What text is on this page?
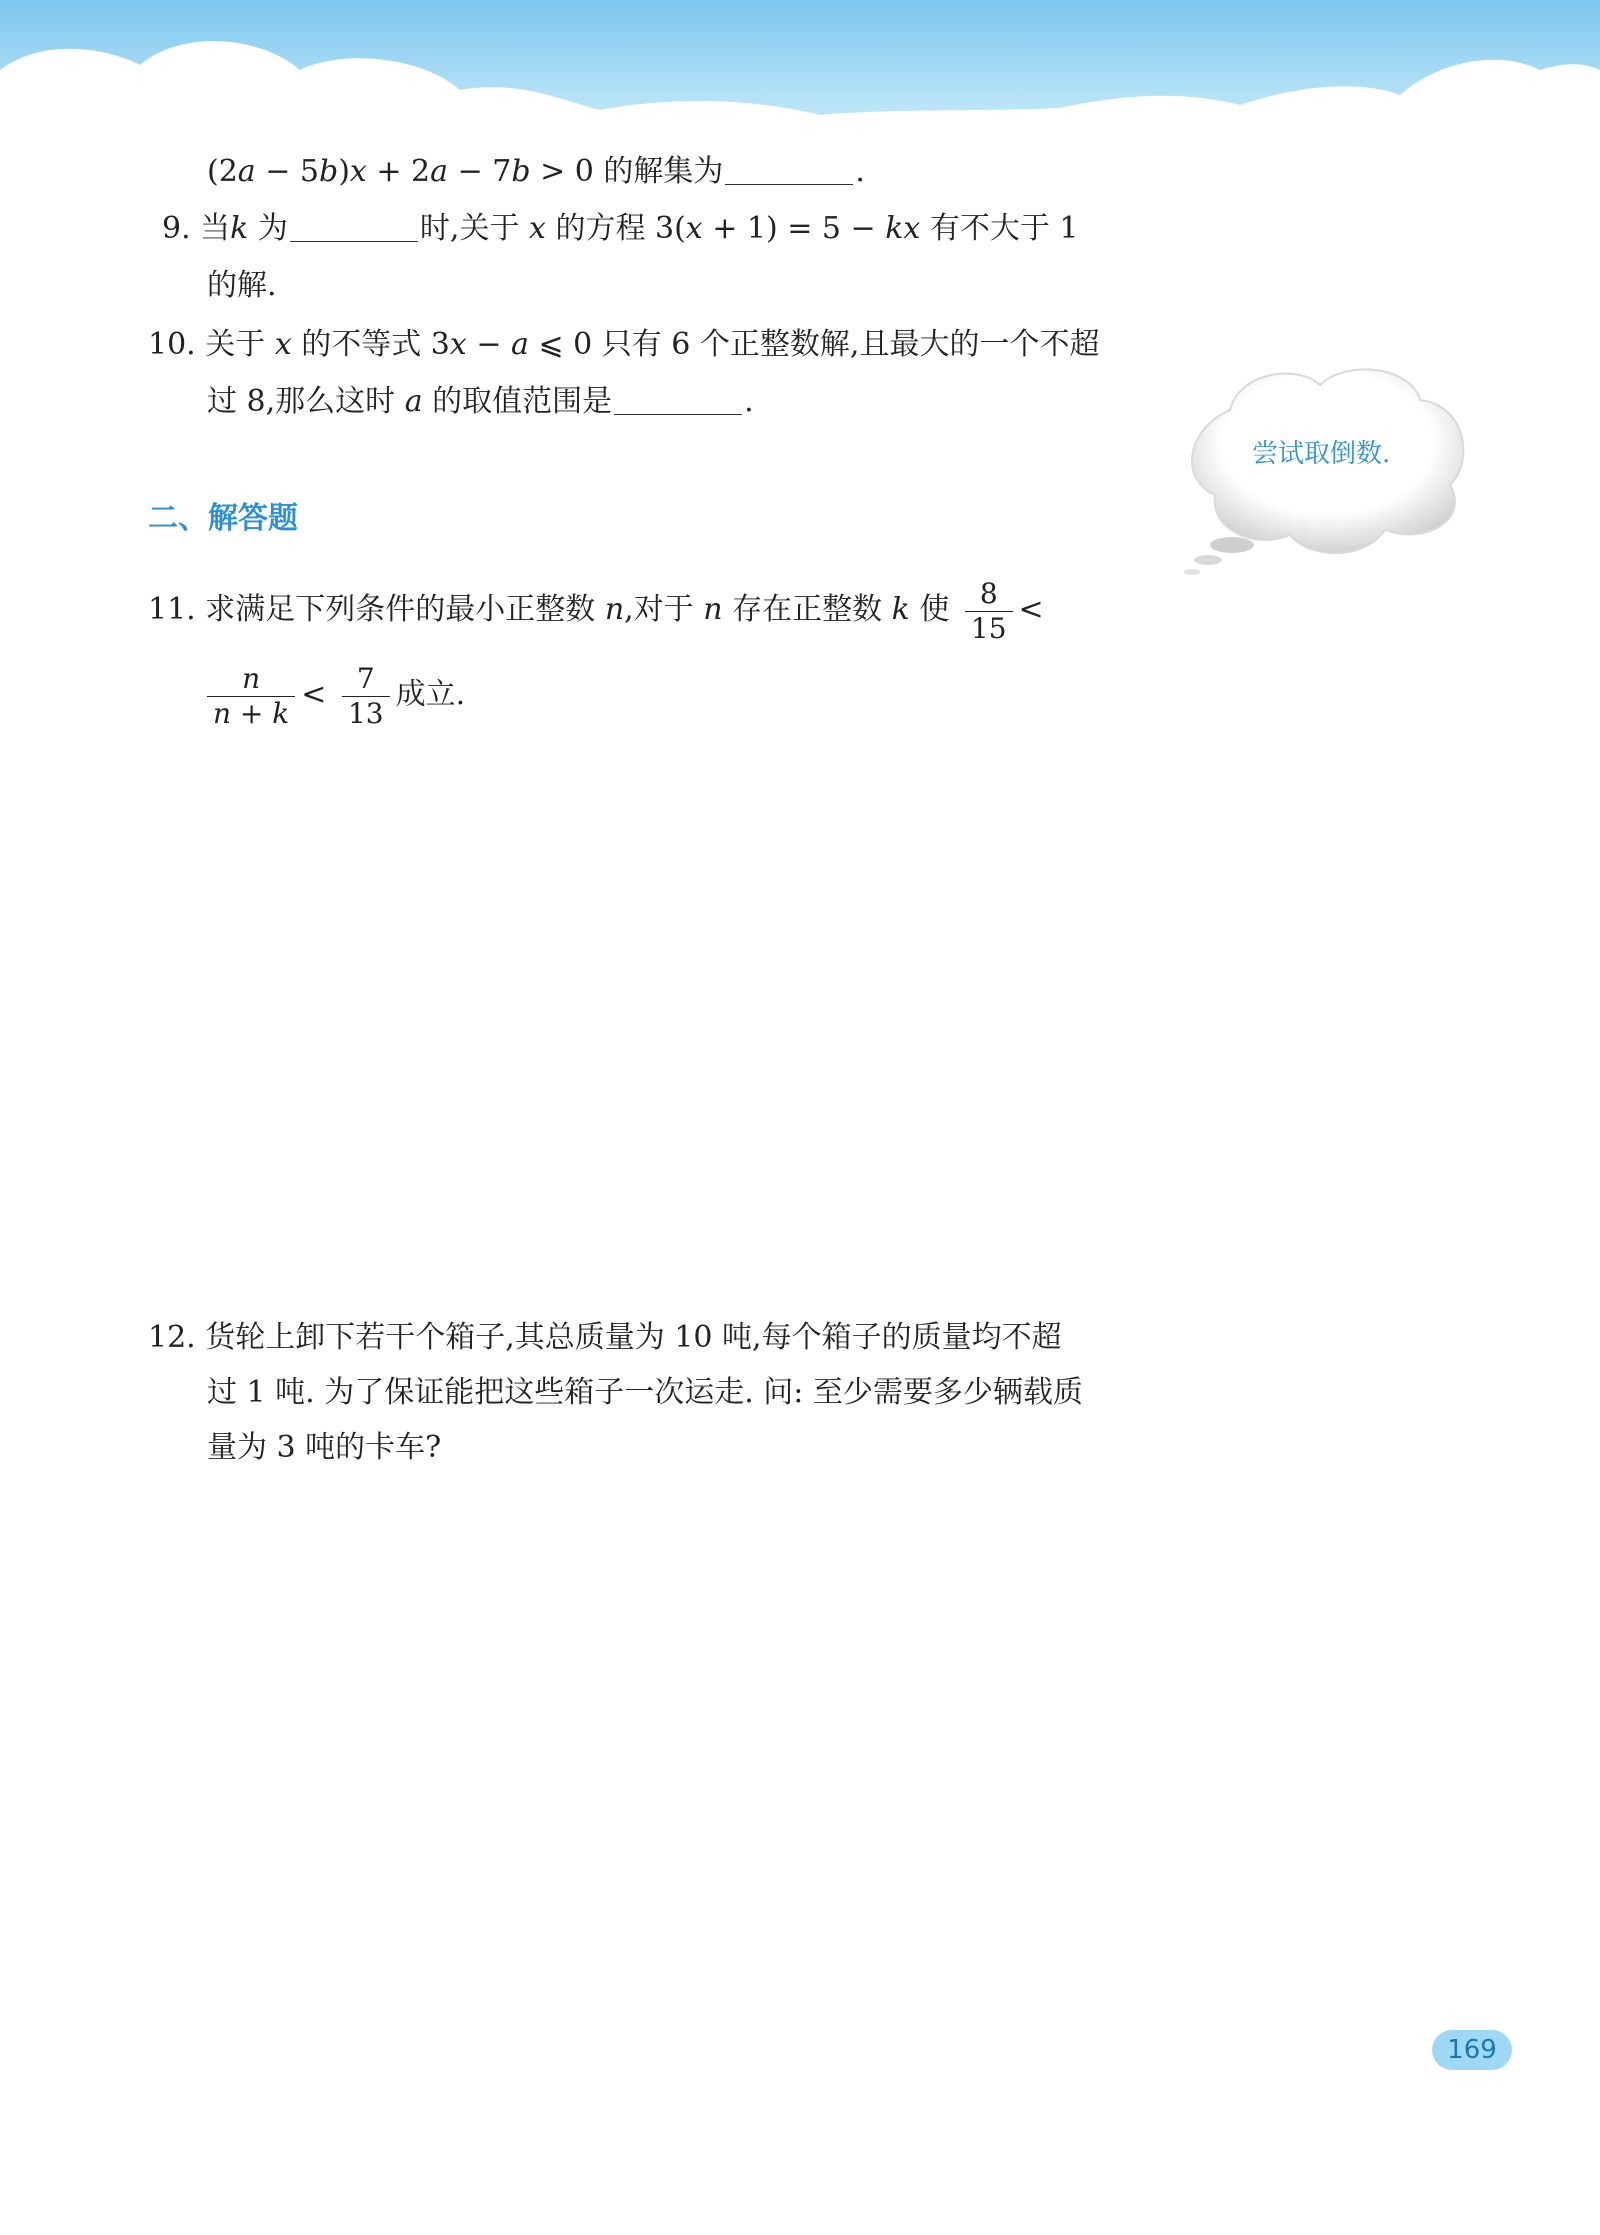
(2a − 5b)x + 2a − 7b > 0 的解集为	.
9. 当k 为	时,关于 x 的方程 3(x + 1) = 5 − kx 有不大于 1
的解.
10. 关于 x 的不等式 3x − a ⩽ 0 只有 6 个正整数解,且最大的一个不超
过 8,那么这时 a 的取值范围是	.
尝试取倒数.
二、解答题
11. 求满足下列条件的最小正整数 n,对于 n 存在正整数 k 使 $\frac{8}{15}$ <
$\frac{n}{n + k} < \frac{7}{13}$ 成立.
12. 货轮上卸下若干个箱子,其总质量为 10 吨,每个箱子的质量均不超
过 1 吨. 为了保证能把这些箱子一次运走. 问: 至少需要多少辆载质
量为 3 吨的卡车?
169
